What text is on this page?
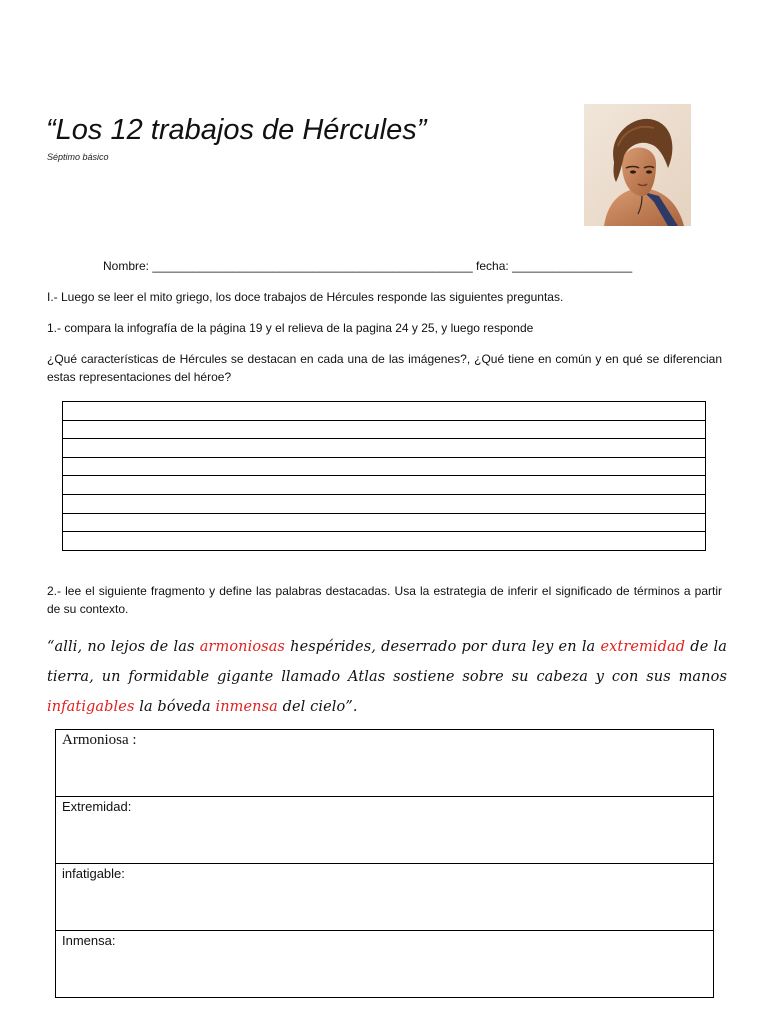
“Los 12 trabajos de Hércules”
Séptimo básico
Nombre: ________________________________________________ fecha: __________________
I.- Luego se leer el mito griego, los doce trabajos de Hércules responde las siguientes preguntas.
1.- compara la infografía de la página 19 y el relieva de la pagina 24 y 25, y luego responde
¿Qué características de Hércules se destacan en cada una de las imágenes?, ¿Qué tiene en común y en qué se diferencian estas representaciones del héroe?

2.- lee el siguiente fragmento y define las palabras destacadas. Usa la estrategia de inferir el significado de términos a partir de su contexto.
“alli, no lejos de las armoniosas hespérides, deserrado por dura ley en la extremidad de la tierra, un formidable gigante llamado Atlas sostiene sobre su cabeza y con sus manos infatigables la bóveda inmensa del cielo”.
Armoniosa :
Extremidad:
infatigable:
Inmensa:
